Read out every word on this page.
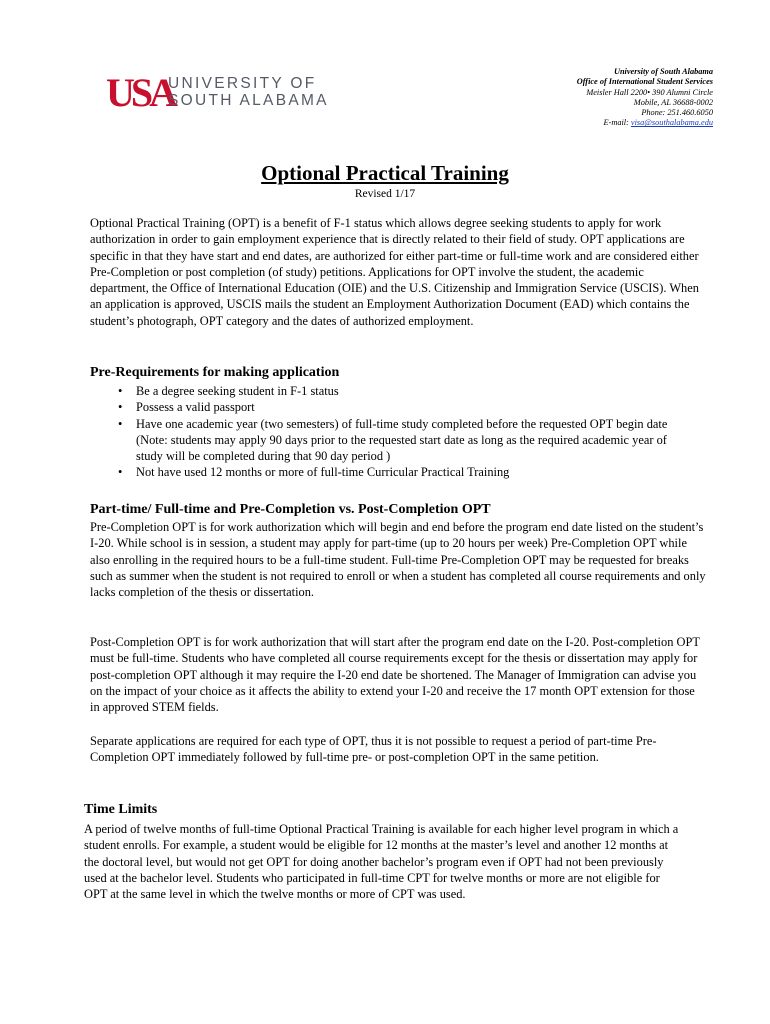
USA
UNIVERSITY OF
SOUTH ALABAMA
University of South Alabama
Office of International Student Services
Meisler Hall 2200• 390 Alumni Circle
Mobile, AL 36688-0002
Phone: 251.460.6050
E-mail: visa@southalabama.edu
Optional Practical Training
Revised 1/17

Optional Practical Training (OPT) is a benefit of F-1 status which allows degree seeking students to apply for work authorization in order to gain employment experience that is directly related to their field of study. OPT applications are specific in that they have start and end dates, are authorized for either part-time or full-time work and are considered either Pre-Completion or post completion (of study) petitions. Applications for OPT involve the student, the academic department, the Office of International Education (OIE) and the U.S. Citizenship and Immigration Service (USCIS). When an application is approved, USCIS mails the student an Employment Authorization Document (EAD) which contains the student’s photograph, OPT category and the dates of authorized employment.

Pre-Requirements for making application
• Be a degree seeking student in F-1 status
• Possess a valid passport
• Have one academic year (two semesters) of full-time study completed before the requested OPT begin date (Note: students may apply 90 days prior to the requested start date as long as the required academic year of study will be completed during that 90 day period )
• Not have used 12 months or more of full-time Curricular Practical Training
Part-time/ Full-time and Pre-Completion vs. Post-Completion OPT

Pre-Completion OPT is for work authorization which will begin and end before the program end date listed on the student’s I-20. While school is in session, a student may apply for part-time (up to 20 hours per week) Pre-Completion OPT while also enrolling in the required hours to be a full-time student. Full-time Pre-Completion OPT may be requested for breaks such as summer when the student is not required to enroll or when a student has completed all course requirements and only lacks completion of the thesis or dissertation.

Post-Completion OPT is for work authorization that will start after the program end date on the I-20. Post-completion OPT must be full-time. Students who have completed all course requirements except for the thesis or dissertation may apply for post-completion OPT although it may require the I-20 end date be shortened. The Manager of Immigration can advise you on the impact of your choice as it affects the ability to extend your I-20 and receive the 17 month OPT extension for those in approved STEM fields.

Separate applications are required for each type of OPT, thus it is not possible to request a period of part-time Pre-Completion OPT immediately followed by full-time pre- or post-completion OPT in the same petition.

Time Limits

A period of twelve months of full-time Optional Practical Training is available for each higher level program in which a student enrolls. For example, a student would be eligible for 12 months at the master’s level and another 12 months at the doctoral level, but would not get OPT for doing another bachelor’s program even if OPT had not been previously used at the bachelor level. Students who participated in full-time CPT for twelve months or more are not eligible for OPT at the same level in which the twelve months or more of CPT was used.
